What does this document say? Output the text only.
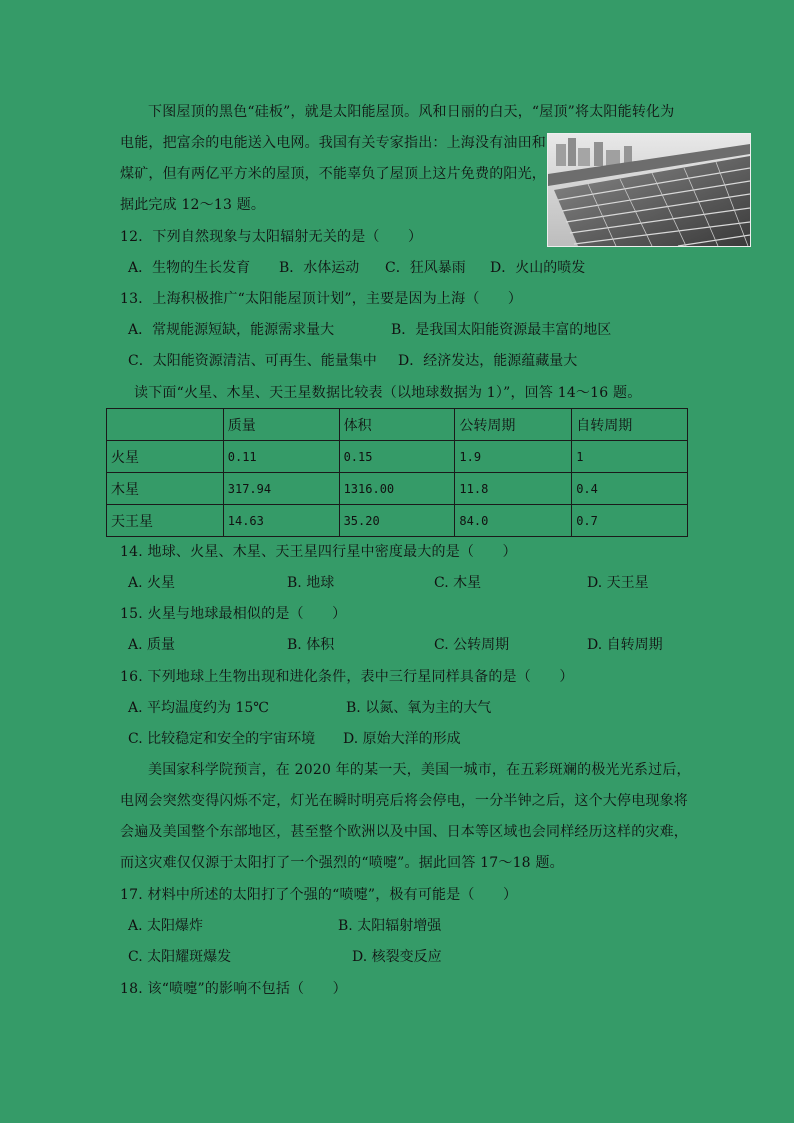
下图屋顶的黑色“硅板”，就是太阳能屋顶。风和日丽的白天，“屋顶”将太阳能转化为
电能，把富余的电能送入电网。我国有关专家指出：上海没有油田和
煤矿，但有两亿平方米的屋顶，不能辜负了屋顶上这片免费的阳光，
据此完成 12～13 题。
12．下列自然现象与太阳辐射无关的是（　　）
A．生物的生长发育 B．水体运动 C．狂风暴雨 D．火山的喷发
13．上海积极推广“太阳能屋顶计划”，主要是因为上海（　　）
A．常规能源短缺，能源需求量大	B．是我国太阳能资源最丰富的地区
C．太阳能资源清洁、可再生、能量集中 D．经济发达，能源蕴藏量大
读下面“火星、木星、天王星数据比较表（以地球数据为 1）”，回答 14～16 题。
	质量	体积	公转周期	自转周期
火星	0.11	0.15	1.9	1
木星	317.94	1316.00	11.8	0.4
天王星	14.63	35.20	84.0	0.7
14. 地球、火星、木星、天王星四行星中密度最大的是（　　）
A. 火星	B. 地球	C. 木星	D. 天王星
15. 火星与地球最相似的是（　　）
A. 质量	B. 体积	C. 公转周期	D. 自转周期
16. 下列地球上生物出现和进化条件，表中三行星同样具备的是（　　）
A. 平均温度约为 15℃	B. 以氮、氧为主的大气
C. 比较稳定和安全的宇宙环境 D. 原始大洋的形成
美国家科学院预言，在 2020 年的某一天，美国一城市，在五彩斑斓的极光光系过后，
电网会突然变得闪烁不定，灯光在瞬时明亮后将会停电，一分半钟之后，这个大停电现象将
会遍及美国整个东部地区，甚至整个欧洲以及中国、日本等区域也会同样经历这样的灾难，
而这灾难仅仅源于太阳打了一个强烈的“喷嚏”。据此回答 17～18 题。
17. 材料中所述的太阳打了个强的“喷嚏”，极有可能是（　　）
A. 太阳爆炸	B. 太阳辐射增强
C. 太阳耀斑爆发	D. 核裂变反应
18. 该“喷嚏”的影响不包括（　　）
